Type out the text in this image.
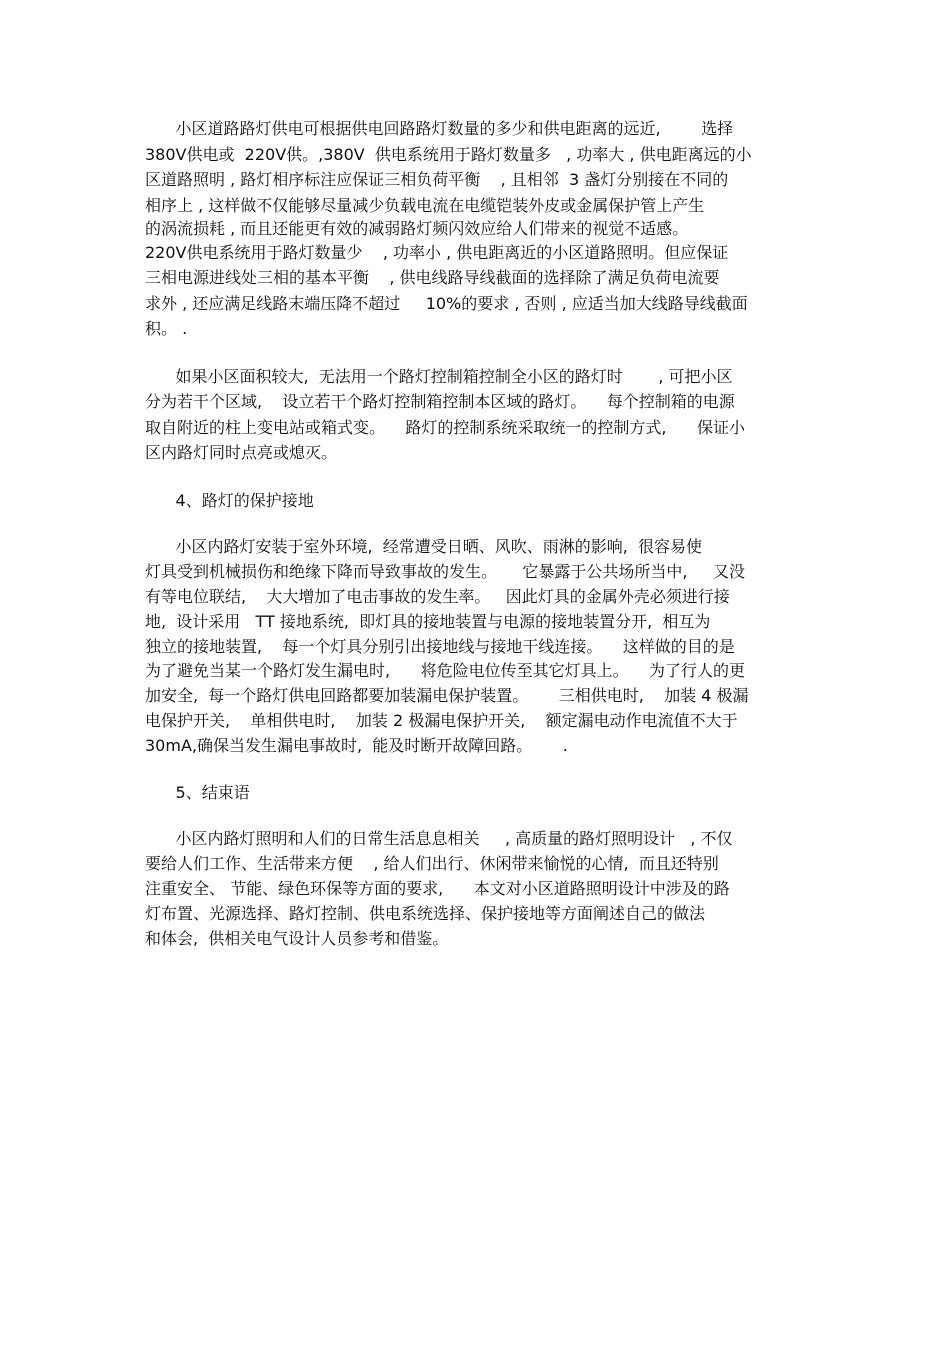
小区道路路灯供电可根据供电回路路灯数量的多少和供电距离的远近,        选择
380V供电或  220V供。,380V  供电系统用于路灯数量多   , 功率大 , 供电距离远的小
区道路照明 , 路灯相序标注应保证三相负荷平衡    , 且相邻  3 盏灯分别接在不同的
相序上 , 这样做不仅能够尽量减少负载电流在电缆铠装外皮或金属保护管上产生
的涡流损耗 , 而且还能更有效的减弱路灯频闪效应给人们带来的视觉不适感。
220V供电系统用于路灯数量少    , 功率小 , 供电距离近的小区道路照明。但应保证
三相电源进线处三相的基本平衡    , 供电线路导线截面的选择除了满足负荷电流要
求外 , 还应满足线路末端压降不超过     10%的要求 , 否则 , 应适当加大线路导线截面
积。 .
如果小区面积较大,  无法用一个路灯控制箱控制全小区的路灯时       , 可把小区
分为若干个区域,    设立若干个路灯控制箱控制本区域的路灯。    每个控制箱的电源
取自附近的柱上变电站或箱式变。    路灯的控制系统采取统一的控制方式,      保证小
区内路灯同时点亮或熄灭。
4、路灯的保护接地
小区内路灯安装于室外环境,  经常遭受日晒、风吹、雨淋的影响,  很容易使
灯具受到机械损伤和绝缘下降而导致事故的发生。     它暴露于公共场所当中,     又没
有等电位联结,    大大增加了电击事故的发生率。   因此灯具的金属外壳必须进行接
地,  设计采用   TT 接地系统,  即灯具的接地装置与电源的接地装置分开,  相互为
独立的接地装置,    每一个灯具分别引出接地线与接地干线连接。    这样做的目的是
为了避免当某一个路灯发生漏电时,      将危险电位传至其它灯具上。    为了行人的更
加安全,  每一个路灯供电回路都要加装漏电保护装置。      三相供电时,    加装 4 极漏
电保护开关,    单相供电时,    加装 2 极漏电保护开关,    额定漏电动作电流值不大于
30mA,确保当发生漏电事故时,  能及时断开故障回路。      .
5、结束语
小区内路灯照明和人们的日常生活息息相关     , 高质量的路灯照明设计   , 不仅
要给人们工作、生活带来方便    , 给人们出行、休闲带来愉悦的心情,  而且还特别
注重安全、 节能、绿色环保等方面的要求,      本文对小区道路照明设计中涉及的路
灯布置、光源选择、路灯控制、供电系统选择、保护接地等方面阐述自己的做法
和体会,  供相关电气设计人员参考和借鉴。
